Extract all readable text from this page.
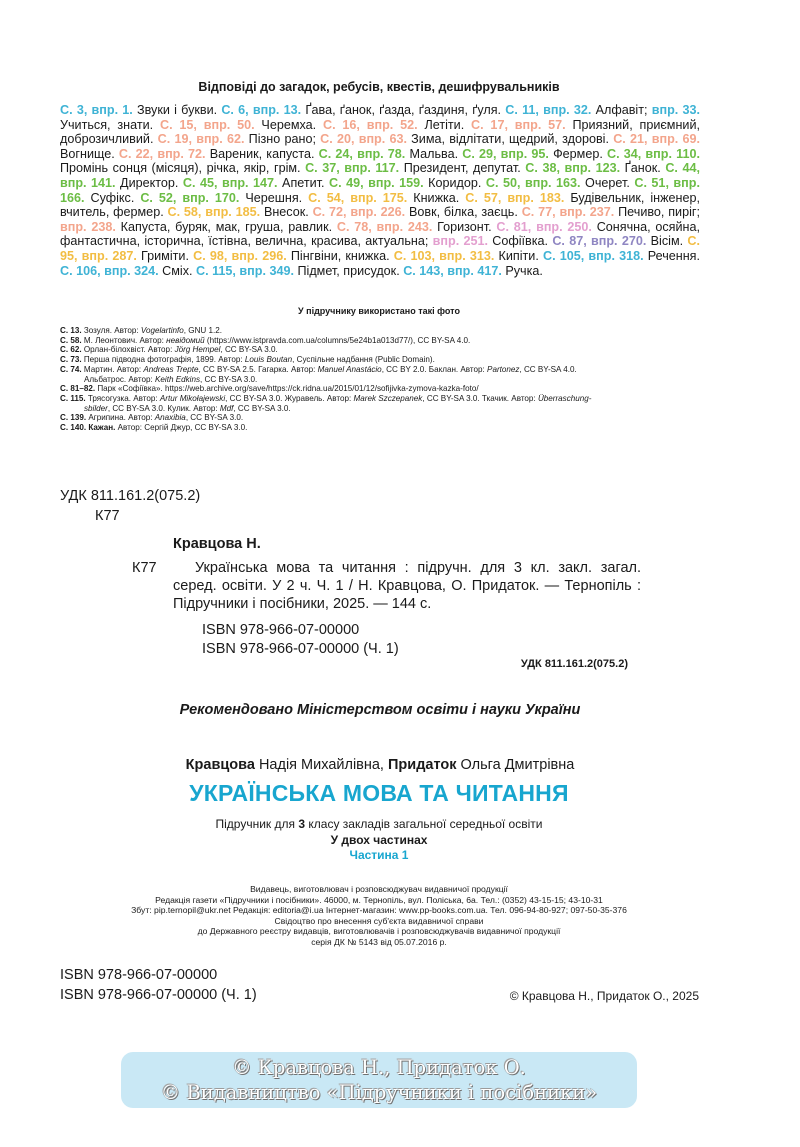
Відповіді до загадок, ребусів, квестів, дешифрувальників
С. 3, впр. 1. Звуки і букви. С. 6, впр. 13. Ґава, ґанок, ґазда, ґаздиня, ґуля. С. 11, впр. 32. Алфавіт; впр. 33. Учиться, знати. С. 15, впр. 50. Черемха. С. 16, впр. 52. Летіти. С. 17, впр. 57. Приязний, приємний, доброзичливий. С. 19, впр. 62. Пізно рано; С. 20, впр. 63. Зима, відлітати, щедрий, здорові. С. 21, впр. 69. Вогнище. С. 22, впр. 72. Вареник, капуста. С. 24, впр. 78. Мальва. С. 29, впр. 95. Фермер. С. 34, впр. 110. Промінь сонця (місяця), річка, якір, грім. С. 37, впр. 117. Президент, депутат. С. 38, впр. 123. Ґанок. С. 44, впр. 141. Директор. С. 45, впр. 147. Апетит. С. 49, впр. 159. Коридор. С. 50, впр. 163. Очерет. С. 51, впр. 166. Суфікс. С. 52, впр. 170. Черешня. С. 54, впр. 175. Книжка. С. 57, впр. 183. Будівельник, інженер, вчитель, фермер. С. 58, впр. 185. Внесок. С. 72, впр. 226. Вовк, білка, заєць. С. 77, впр. 237. Печиво, пиріг; впр. 238. Капуста, буряк, мак, груша, равлик. С. 78, впр. 243. Горизонт. С. 81, впр. 250. Сонячна, осяйна, фантастична, історична, їстівна, велична, красива, актуальна; впр. 251. Софіївка. С. 87, впр. 270. Вісім. С. 95, впр. 287. Гриміти. С. 98, впр. 296. Пінгвіни, книжка. С. 103, впр. 313. Кипіти. С. 105, впр. 318. Речення. С. 106, впр. 324. Сміх. С. 115, впр. 349. Підмет, присудок. С. 143, впр. 417. Ручка.
У підручнику використано такі фото
С. 13. Зозуля. Автор: Vogelartinfo, GNU 1.2.
С. 58. М. Леонтович. Автор: невідомий (https://www.istpravda.com.ua/columns/5e24b1a013d77/), CC BY-SA 4.0.
С. 62. Орлан-білохвіст. Автор: Jörg Hempel, CC BY-SA 3.0.
С. 73. Перша підводна фотографія, 1899. Автор: Louis Boutan, Суспільне надбання (Public Domain).
С. 74. Мартин. Автор: Andreas Trepte, CC BY-SA 2.5. Гагарка. Автор: Manuel Anastácio, CC BY 2.0. Баклан. Автор: Partonez, CC BY-SA 4.0.
Альбатрос. Автор: Keith Edkins, CC BY-SA 3.0.
С. 81–82. Парк «Софіївка». https://web.archive.org/save/https://ck.ridna.ua/2015/01/12/sofijivka-zymova-kazka-foto/
С. 115. Трясогузка. Автор: Artur Mikołajewski, CC BY-SA 3.0. Журавель. Автор: Marek Szczepanek, CC BY-SA 3.0. Ткачик. Автор: Überraschung-
sbilder, CC BY-SA 3.0. Кулик. Автор: Mdf, CC BY-SA 3.0.
С. 139. Агрипина. Автор: Anaxibia, CC BY-SA 3.0.
С. 140. Кажан. Автор: Сергій Джур, CC BY-SA 3.0.
УДК 811.161.2(075.2)
К77
Кравцова Н.
К77	Українська мова та читання : підручн. для 3 кл. закл. загал. серед. освіти. У 2 ч. Ч. 1 / Н. Кравцова, О. Придаток. — Тернопіль : Підручники і посібники, 2025. — 144 с.
ISBN 978-966-07-00000
ISBN 978-966-07-00000 (Ч. 1)
УДК 811.161.2(075.2)
Рекомендовано Міністерством освіти і науки України
Кравцова Надія Михайлівна, Придаток Ольга Дмитрівна
УКРАЇНСЬКА МОВА ТА ЧИТАННЯ
Підручник для 3 класу закладів загальної середньої освіти
У двох частинах
Частина 1
Видавець, виготовлювач і розповсюджувач видавничої продукції
Редакція газети «Підручники і посібники». 46000, м. Тернопіль, вул. Поліська, 6а. Тел.: (0352) 43-15-15; 43-10-31
Збут: pip.ternopil@ukr.net Редакція: editoria@i.ua Інтернет-магазин: www.pp-books.com.ua. Тел. 096-94-80-927; 097-50-35-376
Свідоцтво про внесення суб'єкта видавничої справи
до Державного реєстру видавців, виготовлювачів і розповсюджувачів видавничої продукції
серія ДК № 5143 від 05.07.2016 р.
ISBN 978-966-07-00000
ISBN 978-966-07-00000 (Ч. 1)	© Кравцова Н., Придаток О., 2025
© Кравцова Н., Придаток О.
© Видавництво «Підручники і посібники»
